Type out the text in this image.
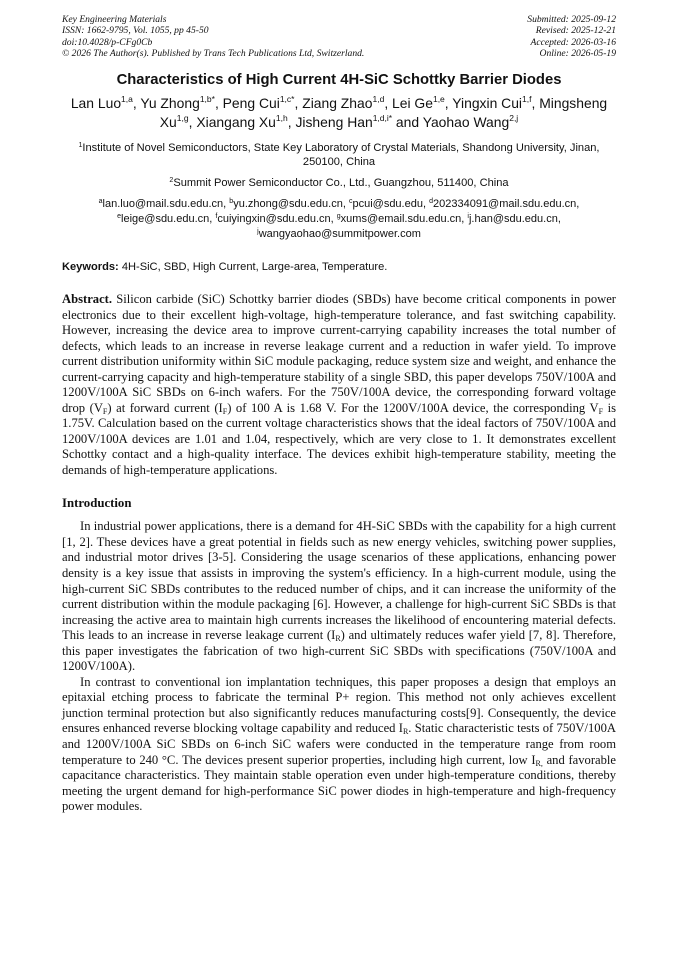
Key Engineering Materials
ISSN: 1662-9795, Vol. 1055, pp 45-50
doi:10.4028/p-CFg0Cb
© 2026 The Author(s). Published by Trans Tech Publications Ltd, Switzerland.
Submitted: 2025-09-12
Revised: 2025-12-21
Accepted: 2026-03-16
Online: 2026-05-19
Characteristics of High Current 4H-SiC Schottky Barrier Diodes
Lan Luo$^{1,a}$, Yu Zhong$^{1,b*}$, Peng Cui$^{1,c*}$, Ziang Zhao$^{1,d}$, Lei Ge$^{1,e}$, Yingxin Cui$^{1,f}$, Mingsheng Xu$^{1,g}$, Xiangang Xu$^{1,h}$, Jisheng Han$^{1,d,i*}$ and Yaohao Wang$^{2,j}$
$^1$Institute of Novel Semiconductors, State Key Laboratory of Crystal Materials, Shandong University, Jinan, 250100, China
$^2$Summit Power Semiconductor Co., Ltd., Guangzhou, 511400, China
$^a$lan.luo@mail.sdu.edu.cn, $^b$yu.zhong@sdu.edu.cn, $^c$pcui@sdu.edu, $^d$202334091@mail.sdu.edu.cn,
$^e$leige@sdu.edu.cn, $^f$cuiyingxin@sdu.edu.cn, $^g$xums@email.sdu.edu.cn, $^i$j.han@sdu.edu.cn,
$^j$wangyaohao@summitpower.com
Keywords: 4H-SiC, SBD, High Current, Large-area, Temperature.
Abstract. Silicon carbide (SiC) Schottky barrier diodes (SBDs) have become critical components in power electronics due to their excellent high-voltage, high-temperature tolerance, and fast switching capability. However, increasing the device area to improve current-carrying capability increases the total number of defects, which leads to an increase in reverse leakage current and a reduction in wafer yield. To improve current distribution uniformity within SiC module packaging, reduce system size and weight, and enhance the current-carrying capacity and high-temperature stability of a single SBD, this paper develops 750V/100A and 1200V/100A SiC SBDs on 6-inch wafers. For the 750V/100A device, the corresponding forward voltage drop $(V_F)$ at forward current $(I_F)$ of 100 A is 1.68 V. For the 1200V/100A device, the corresponding $V_F$ is 1.75V. Calculation based on the current voltage characteristics shows that the ideal factors of 750V/100A and 1200V/100A devices are 1.01 and 1.04, respectively, which are very close to 1. It demonstrates excellent Schottky contact and a high-quality interface. The devices exhibit high-temperature stability, meeting the demands of high-temperature applications.
Introduction

In industrial power applications, there is a demand for 4H-SiC SBDs with the capability for a high current [1, 2]. These devices have a great potential in fields such as new energy vehicles, switching power supplies, and industrial motor drives [3-5]. Considering the usage scenarios of these applications, enhancing power density is a key issue that assists in improving the system's efficiency. In a high-current module, using the high-current SiC SBDs contributes to the reduced number of chips, and it can increase the uniformity of the current distribution within the module packaging [6]. However, a challenge for high-current SiC SBDs is that increasing the active area to maintain high currents increases the likelihood of encountering material defects. This leads to an increase in reverse leakage current $(I_R)$ and ultimately reduces wafer yield [7, 8]. Therefore, this paper investigates the fabrication of two high-current SiC SBDs with specifications (750V/100A and 1200V/100A).

In contrast to conventional ion implantation techniques, this paper proposes a design that employs an epitaxial etching process to fabricate the terminal P+ region. This method not only achieves excellent junction terminal protection but also significantly reduces manufacturing costs[9]. Consequently, the device ensures enhanced reverse blocking voltage capability and reduced $I_R$. Static characteristic tests of 750V/100A and 1200V/100A SiC SBDs on 6-inch SiC wafers were conducted in the temperature range from room temperature to 240 °C. The devices present superior properties, including high current, low $I_{R,}$ and favorable capacitance characteristics. They maintain stable operation even under high-temperature conditions, thereby meeting the urgent demand for high-performance SiC power diodes in high-temperature and high-frequency power modules.
